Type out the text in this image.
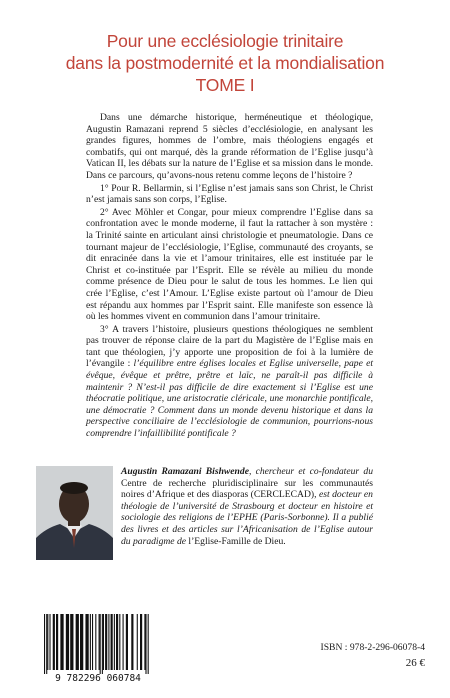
Pour une ecclésiologie trinitaire
dans la postmodernité et la mondialisation
TOME I

Dans une démarche historique, herméneutique et théologique, Augustin Ramazani reprend 5 siècles d’ecclésiologie, en analysant les grandes figures, hommes de l’ombre, mais théologiens engagés et combatifs, qui ont marqué, dès la grande réformation de l’Eglise jusqu’à Vatican II, les débats sur la nature de l’Eglise et sa mission dans le monde. Dans ce parcours, qu’avons-nous retenu comme leçons de l’histoire ?

1° Pour R. Bellarmin, si l’Eglise n’est jamais sans son Christ, le Christ n’est jamais sans son corps, l’Eglise.

2° Avec Möhler et Congar, pour mieux comprendre l’Eglise dans sa confrontation avec le monde moderne, il faut la rattacher à son mystère : la Trinité sainte en articulant ainsi christologie et pneumatologie. Dans ce tournant majeur de l’ecclésiologie, l’Eglise, communauté des croyants, se dit enracinée dans la vie et l’amour trinitaires, elle est instituée par le Christ et co-instituée par l’Esprit. Elle se révèle au milieu du monde comme présence de Dieu pour le salut de tous les hommes. Le lien qui crée l’Eglise, c’est l’Amour. L’Eglise existe partout où l’amour de Dieu est répandu aux hommes par l’Esprit saint. Elle manifeste son essence là où les hommes vivent en communion dans l’amour trinitaire.

3° A travers l’histoire, plusieurs questions théologiques ne semblent pas trouver de réponse claire de la part du Magistère de l’Eglise mais en tant que théologien, j’y apporte une proposition de foi à la lumière de l’évangile : l’équilibre entre églises locales et Eglise universelle, pape et évêque, évêque et prêtre, prêtre et laïc, ne paraît-il pas difficile à maintenir ? N’est-il pas difficile de dire exactement si l’Eglise est une théocratie politique, une aristocratie cléricale, une monarchie pontificale, une démocratie ? Comment dans un monde devenu historique et dans la perspective conciliaire de l’ecclésiologie de communion, pourrions-nous comprendre l’infaillibilité pontificale ?

Augustin Ramazani Bishwende, chercheur et co-fondateur du Centre de recherche pluridisciplinaire sur les communautés noires d’Afrique et des diasporas (CERCLECAD), est docteur en théologie de l’université de Strasbourg et docteur en histoire et sociologie des religions de l’EPHE (Paris-Sorbonne). Il a publié des livres et des articles sur l’Africanisation de l’Eglise autour du paradigme de l’Eglise-Famille de Dieu.
9 782296 060784
ISBN : 978-2-296-06078-4
26 €
